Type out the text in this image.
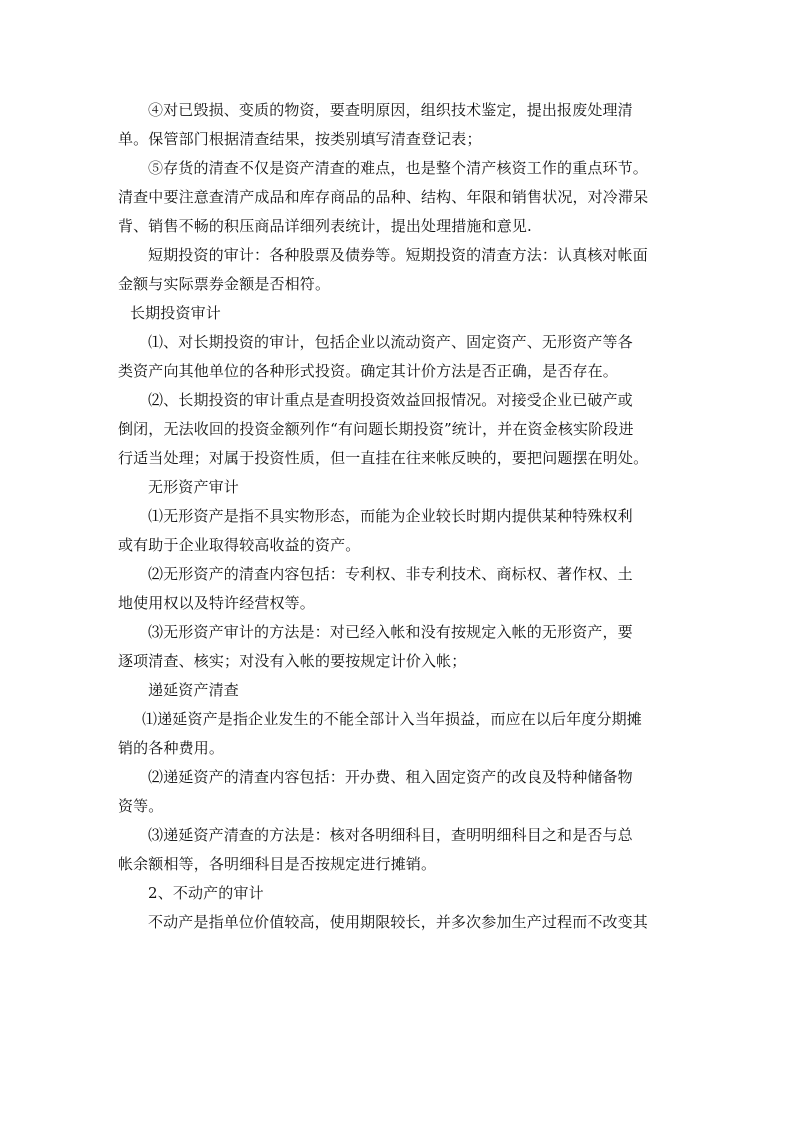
④对已毁损、变质的物资，要查明原因，组织技术鉴定，提出报废处理清
单。保管部门根据清查结果，按类别填写清查登记表；
⑤存货的清查不仅是资产清查的难点，也是整个清产核资工作的重点环节。
清查中要注意查清产成品和库存商品的品种、结构、年限和销售状况，对冷滞呆
背、销售不畅的积压商品详细列表统计，提出处理措施和意见.
短期投资的审计：各种股票及债券等。短期投资的清查方法：认真核对帐面
金额与实际票券金额是否相符。
长期投资审计
⑴、对长期投资的审计，包括企业以流动资产、固定资产、无形资产等各
类资产向其他单位的各种形式投资。确定其计价方法是否正确，是否存在。
⑵、长期投资的审计重点是查明投资效益回报情况。对接受企业已破产或
倒闭，无法收回的投资金额列作“有问题长期投资”统计，并在资金核实阶段进
行适当处理；对属于投资性质，但一直挂在往来帐反映的，要把问题摆在明处。
无形资产审计
⑴无形资产是指不具实物形态，而能为企业较长时期内提供某种特殊权利
或有助于企业取得较高收益的资产。
⑵无形资产的清查内容包括：专利权、非专利技术、商标权、著作权、土
地使用权以及特许经营权等。
⑶无形资产审计的方法是：对已经入帐和没有按规定入帐的无形资产，要
逐项清查、核实；对没有入帐的要按规定计价入帐；
递延资产清查
⑴递延资产是指企业发生的不能全部计入当年损益，而应在以后年度分期摊
销的各种费用。
⑵递延资产的清查内容包括：开办费、租入固定资产的改良及特种储备物
资等。
⑶递延资产清查的方法是：核对各明细科目，查明明细科目之和是否与总
帐余额相等，各明细科目是否按规定进行摊销。
2、不动产的审计
不动产是指单位价值较高，使用期限较长，并多次参加生产过程而不改变其
